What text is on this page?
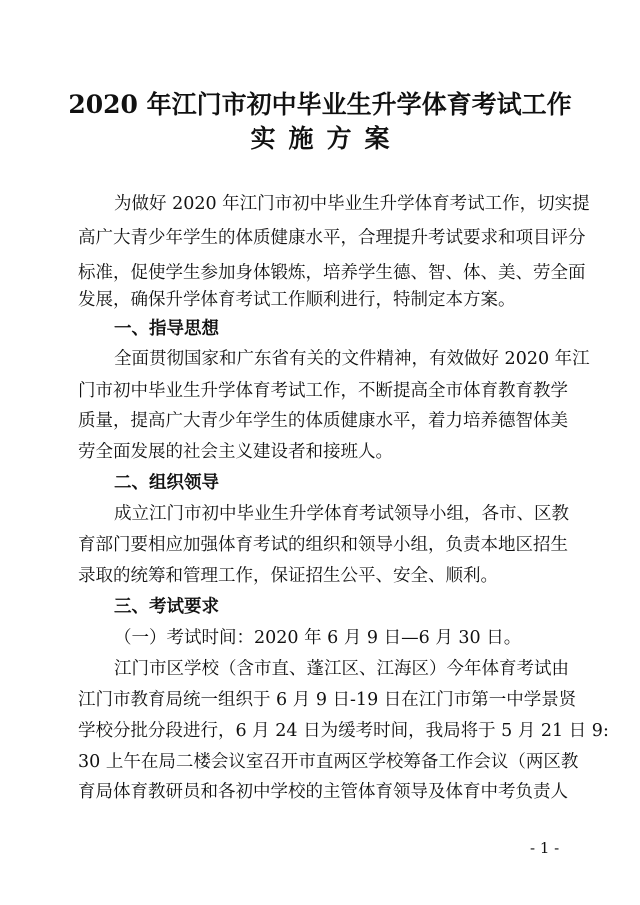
2020 年江门市初中毕业生升学体育考试工作
实施方案
为做好 2020 年江门市初中毕业生升学体育考试工作，切实提
高广大青少年学生的体质健康水平，合理提升考试要求和项目评分
标准，促使学生参加身体锻炼，培养学生德、智、体、美、劳全面
发展，确保升学体育考试工作顺利进行，特制定本方案。
一、指导思想
全面贯彻国家和广东省有关的文件精神，有效做好 2020 年江
门市初中毕业生升学体育考试工作，不断提高全市体育教育教学
质量，提高广大青少年学生的体质健康水平，着力培养德智体美
劳全面发展的社会主义建设者和接班人。
二、组织领导
成立江门市初中毕业生升学体育考试领导小组，各市、区教
育部门要相应加强体育考试的组织和领导小组，负责本地区招生
录取的统筹和管理工作，保证招生公平、安全、顺利。
三、考试要求
（一）考试时间：2020 年 6 月 9 日—6 月 30 日。
江门市区学校（含市直、蓬江区、江海区）今年体育考试由
江门市教育局统一组织于 6 月 9 日-19 日在江门市第一中学景贤
学校分批分段进行，6 月 24 日为缓考时间，我局将于 5 月 21 日 9:
30 上午在局二楼会议室召开市直两区学校筹备工作会议（两区教
育局体育教研员和各初中学校的主管体育领导及体育中考负责人
- 1 -
